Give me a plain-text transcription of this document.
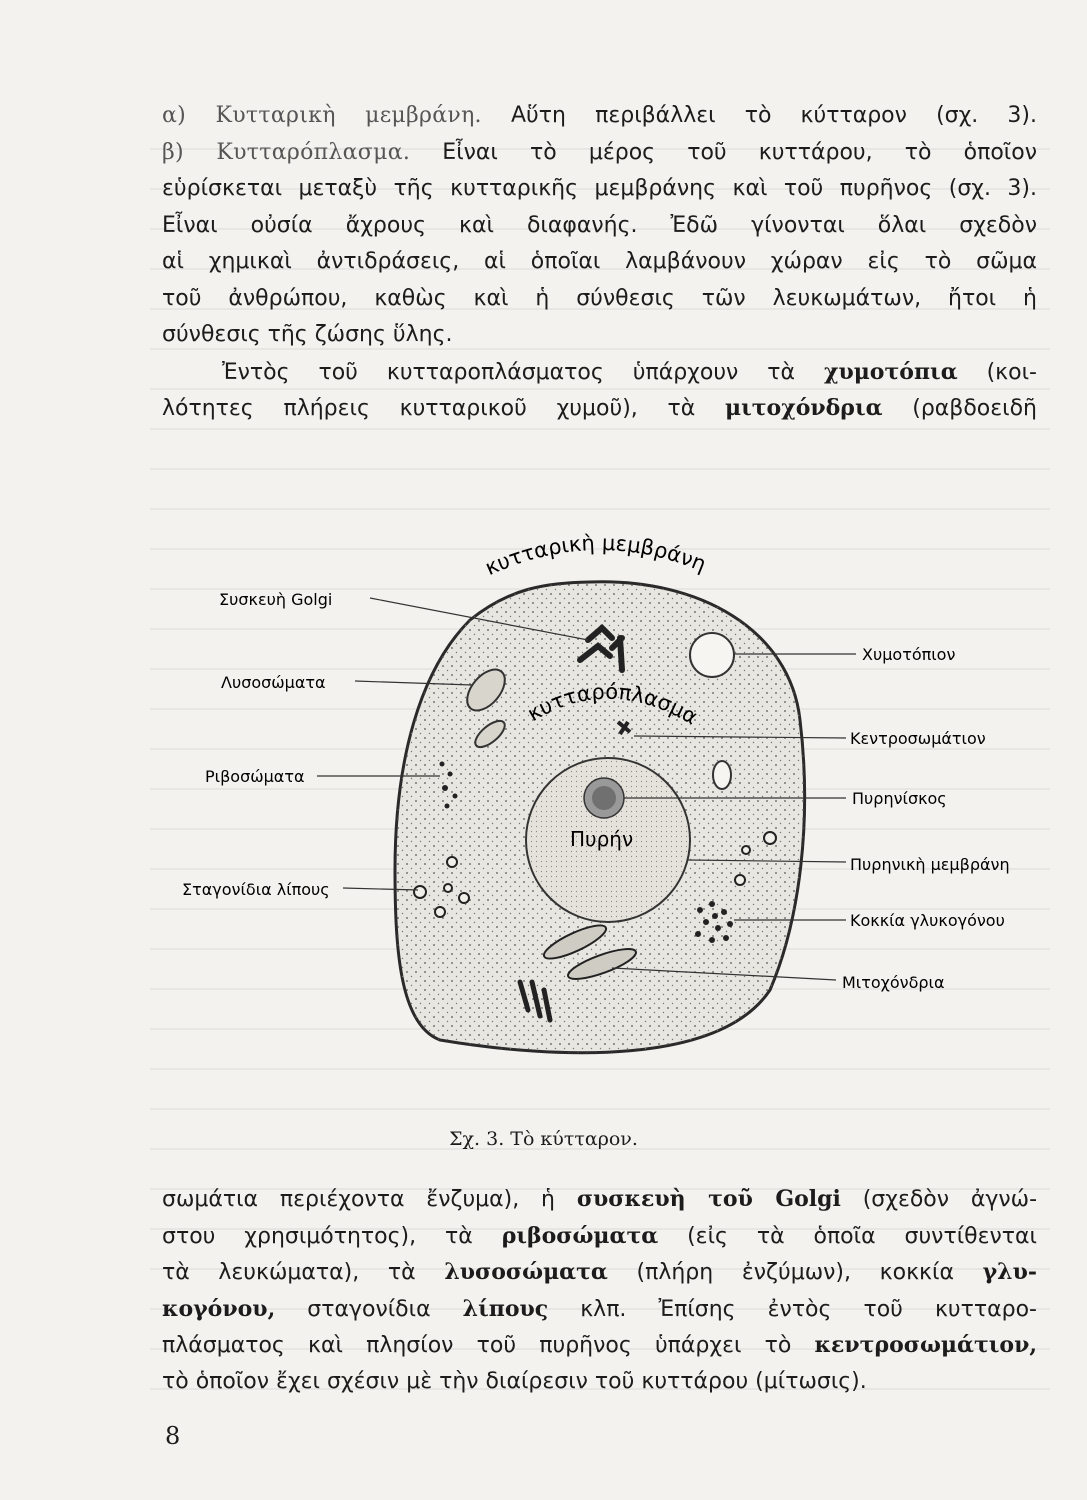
α) Κυτταρικὴ μεμβράνη. Αὕτη περιβάλλει τὸ κύτταρον (σχ. 3).
β) Κυτταρόπλασμα. Εἶναι τὸ μέρος τοῦ κυττάρου, τὸ ὁποῖον
εὑρίσκεται μεταξὺ τῆς κυτταρικῆς μεμβράνης καὶ τοῦ πυρῆνος (σχ. 3).
Εἶναι οὐσία ἄχρους καὶ διαφανής. Ἐδῶ γίνονται ὅλαι σχεδὸν
αἱ χημικαὶ ἀντιδράσεις, αἱ ὁποῖαι λαμβάνουν χώραν εἰς τὸ σῶμα
τοῦ ἀνθρώπου, καθὼς καὶ ἡ σύνθεσις τῶν λευκωμάτων, ἤτοι ἡ
σύνθεσις τῆς ζώσης ὕλης.
Ἐντὸς τοῦ κυτταροπλάσματος ὑπάρχουν τὰ χυμοτόπια (κοι-
λότητες πλήρεις κυτταρικοῦ χυμοῦ), τὰ μιτοχόνδρια (ραβδοειδῆ
Συσκευὴ Golgi
Λυσοσώματα
Ριβοσώματα
Σταγονίδια λίπους
Χυμοτόπιον
Κεντροσωμάτιον
Πυρηνίσκος
Πυρηνικὴ μεμβράνη
Κοκκία γλυκογόνου
Μιτοχόνδρια
κυτταρικὴ μεμβράνη
κυτταρόπλασμα
Πυρήν
Σχ. 3. Τὸ κύτταρον.
σωμάτια περιέχοντα ἔνζυμα), ἡ συσκευὴ τοῦ Golgi (σχεδὸν ἀγνώ-
στου χρησιμότητος), τὰ ριβοσώματα (εἰς τὰ ὁποῖα συντίθενται
τὰ λευκώματα), τὰ λυσοσώματα (πλήρη ἐνζύμων), κοκκία γλυ-
κογόνου, σταγονίδια λίπους κλπ. Ἐπίσης ἐντὸς τοῦ κυτταρο-
πλάσματος καὶ πλησίον τοῦ πυρῆνος ὑπάρχει τὸ κεντροσωμάτιον,
τὸ ὁποῖον ἔχει σχέσιν μὲ τὴν διαίρεσιν τοῦ κυττάρου (μίτωσις).
8
